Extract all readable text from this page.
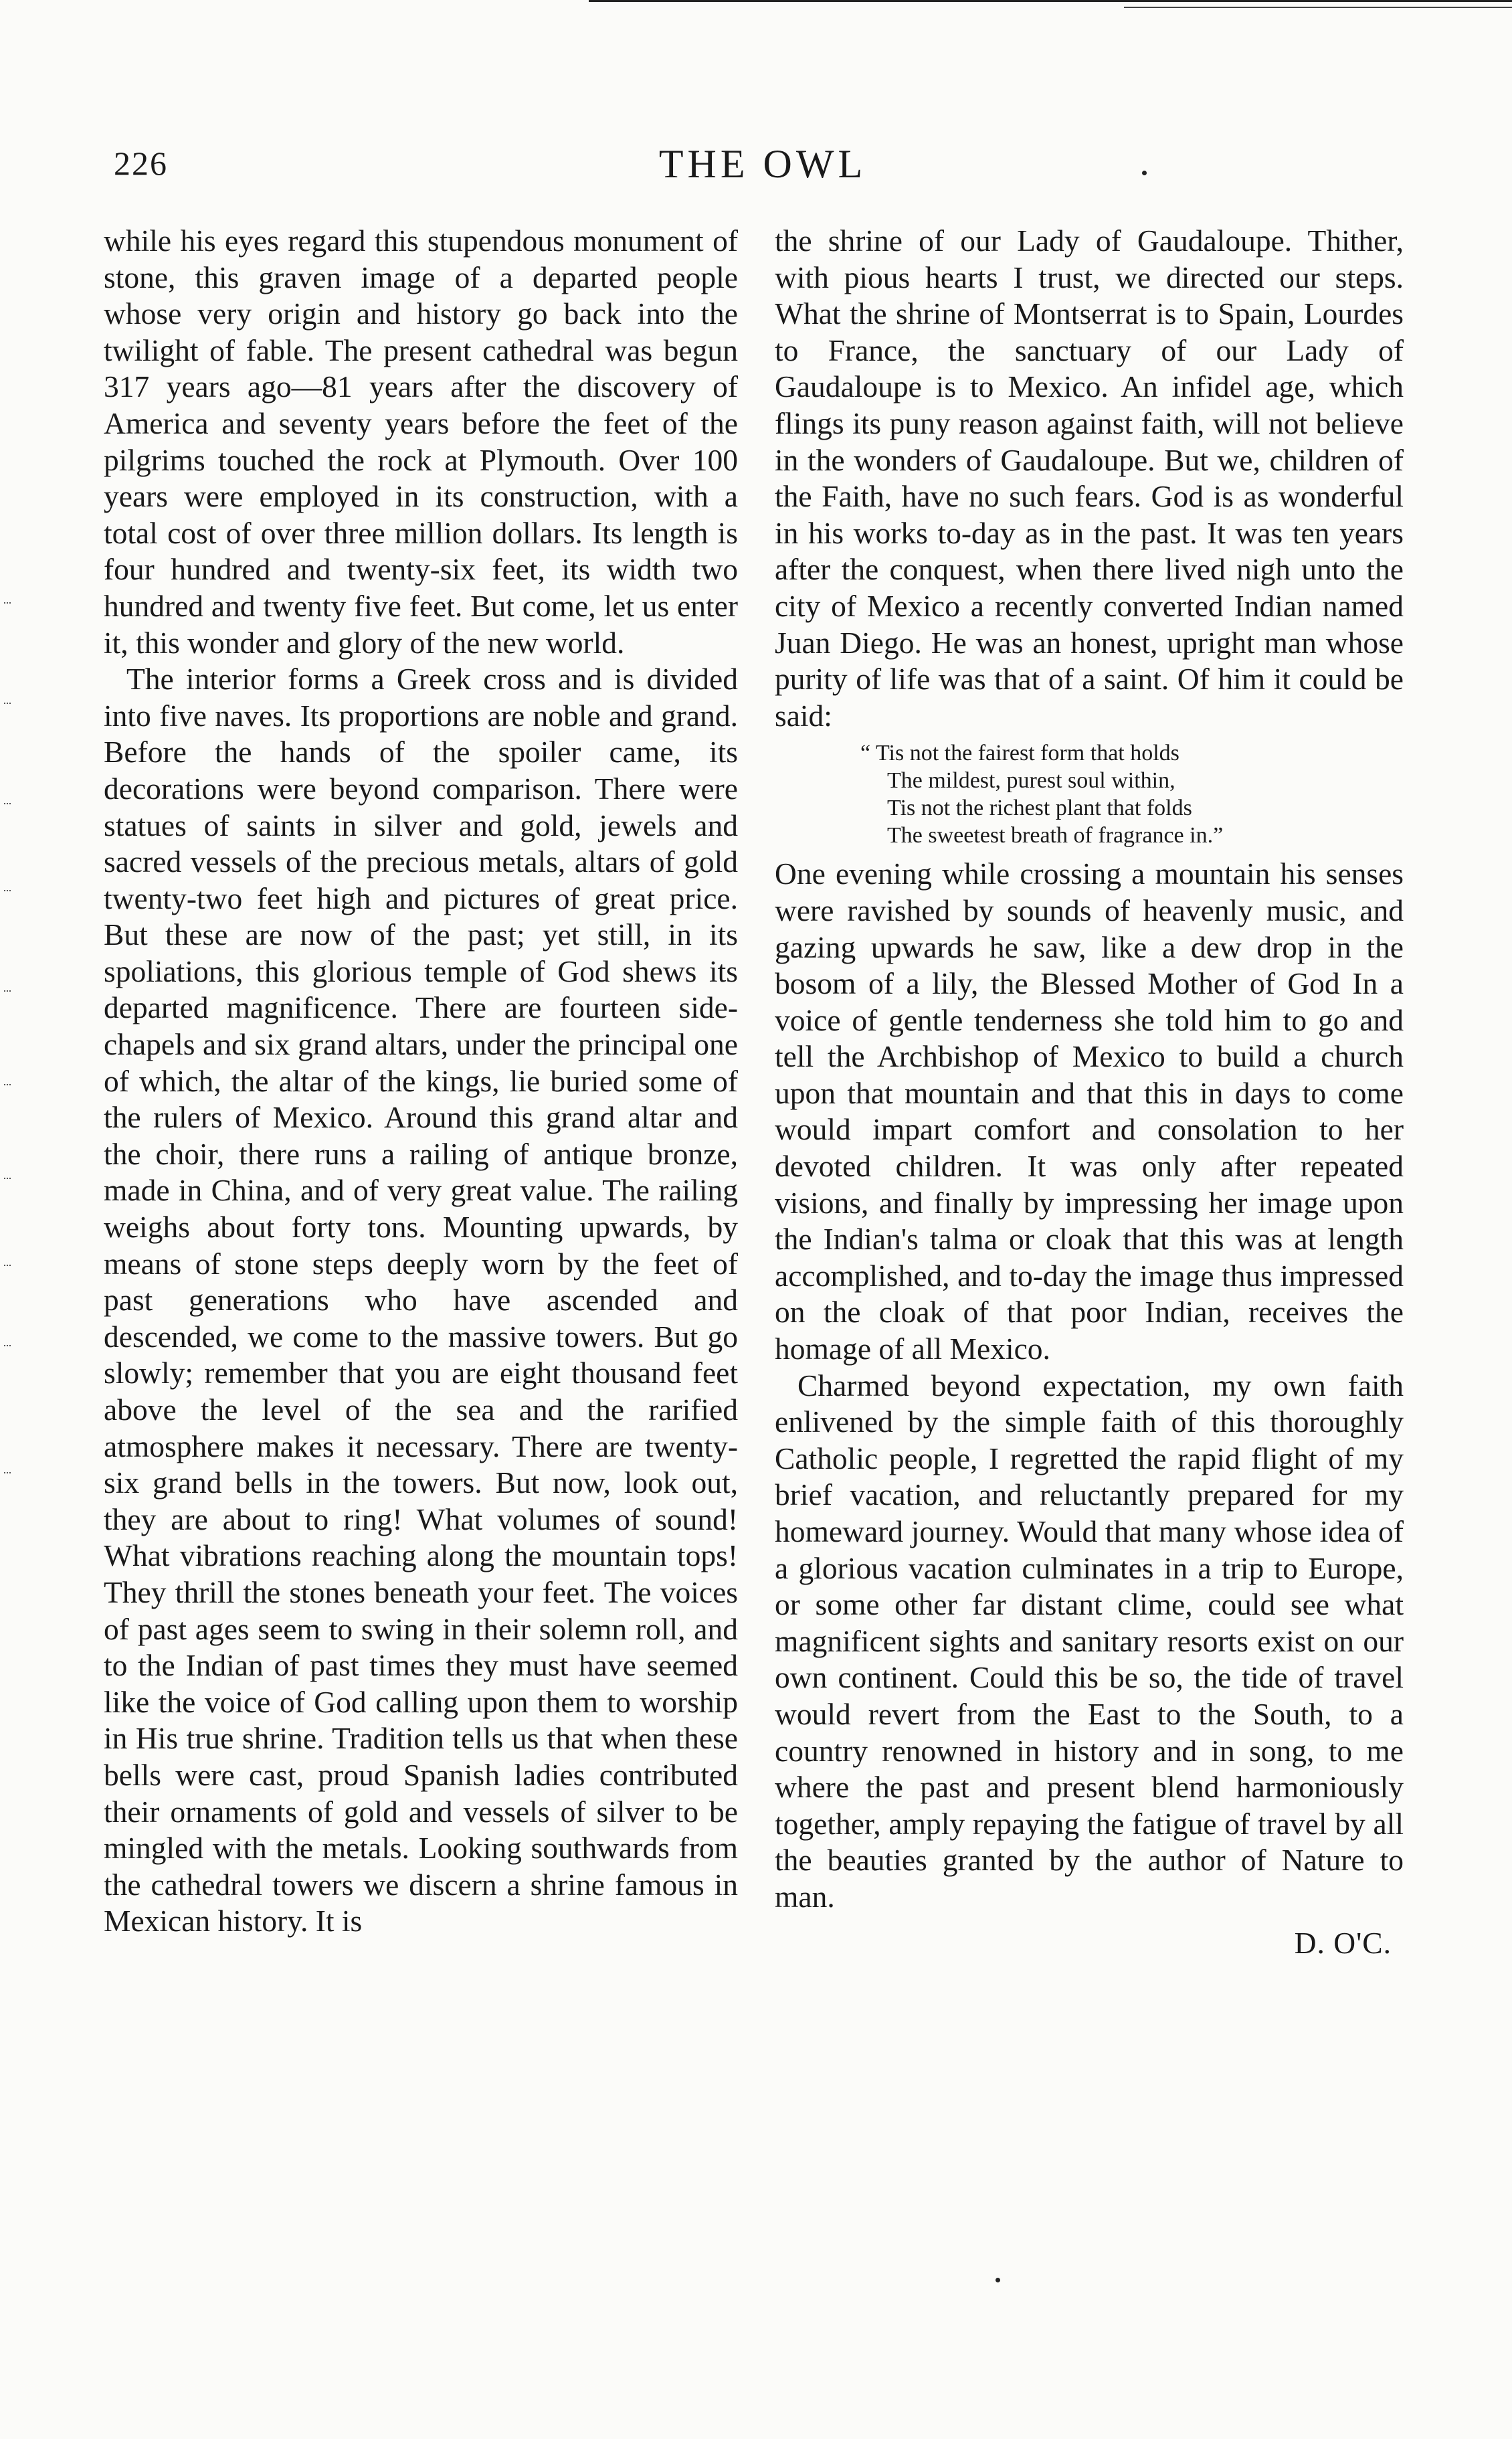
226	THE OWL

while his eyes regard this stupendous monument of stone, this graven image of a departed people whose very origin and history go back into the twilight of fable. The present cathedral was begun 317 years ago—81 years after the discovery of America and seventy years before the feet of the pilgrims touched the rock at Plymouth. Over 100 years were employed in its construction, with a total cost of over three million dollars. Its length is four hundred and twenty-six feet, its width two hundred and twenty five feet. But come, let us enter it, this wonder and glory of the new world.

The interior forms a Greek cross and is divided into five naves. Its proportions are noble and grand. Before the hands of the spoiler came, its decorations were beyond comparison. There were statues of saints in silver and gold, jewels and sacred vessels of the precious metals, altars of gold twenty-two feet high and pictures of great price. But these are now of the past; yet still, in its spoliations, this glorious temple of God shews its departed magnificence. There are fourteen side-chapels and six grand altars, under the principal one of which, the altar of the kings, lie buried some of the rulers of Mexico. Around this grand altar and the choir, there runs a railing of antique bronze, made in China, and of very great value. The railing weighs about forty tons. Mounting upwards, by means of stone steps deeply worn by the feet of past generations who have ascended and descended, we come to the massive towers. But go slowly; remember that you are eight thousand feet above the level of the sea and the rarified atmosphere makes it necessary. There are twenty-six grand bells in the towers. But now, look out, they are about to ring! What volumes of sound! What vibrations reaching along the mountain tops! They thrill the stones beneath your feet. The voices of past ages seem to swing in their solemn roll, and to the Indian of past times they must have seemed like the voice of God calling upon them to worship in His true shrine. Tradition tells us that when these bells were cast, proud Spanish ladies contributed their ornaments of gold and vessels of silver to be mingled with the metals. Looking southwards from the cathedral towers we discern a shrine famous in Mexican history. It is

the shrine of our Lady of Gaudaloupe. Thither, with pious hearts I trust, we directed our steps. What the shrine of Montserrat is to Spain, Lourdes to France, the sanctuary of our Lady of Gaudaloupe is to Mexico. An infidel age, which flings its puny reason against faith, will not believe in the wonders of Gaudaloupe. But we, children of the Faith, have no such fears. God is as wonderful in his works to-day as in the past. It was ten years after the conquest, when there lived nigh unto the city of Mexico a recently converted Indian named Juan Diego. He was an honest, upright man whose purity of life was that of a saint. Of him it could be said:

“ Tis not the fairest form that holds
The mildest, purest soul within,
Tis not the richest plant that folds
The sweetest breath of fragrance in.”

One evening while crossing a mountain his senses were ravished by sounds of heavenly music, and gazing upwards he saw, like a dew drop in the bosom of a lily, the Blessed Mother of God In a voice of gentle tenderness she told him to go and tell the Archbishop of Mexico to build a church upon that mountain and that this in days to come would impart comfort and consolation to her devoted children. It was only after repeated visions, and finally by impressing her image upon the Indian's talma or cloak that this was at length accomplished, and to-day the image thus impressed on the cloak of that poor Indian, receives the homage of all Mexico.

Charmed beyond expectation, my own faith enlivened by the simple faith of this thoroughly Catholic people, I regretted the rapid flight of my brief vacation, and reluctantly prepared for my homeward journey. Would that many whose idea of a glorious vacation culminates in a trip to Europe, or some other far distant clime, could see what magnificent sights and sanitary resorts exist on our own continent. Could this be so, the tide of travel would revert from the East to the South, to a country renowned in history and in song, to me where the past and present blend harmoniously together, amply repaying the fatigue of travel by all the beauties granted by the author of Nature to man.

D. O'C.
